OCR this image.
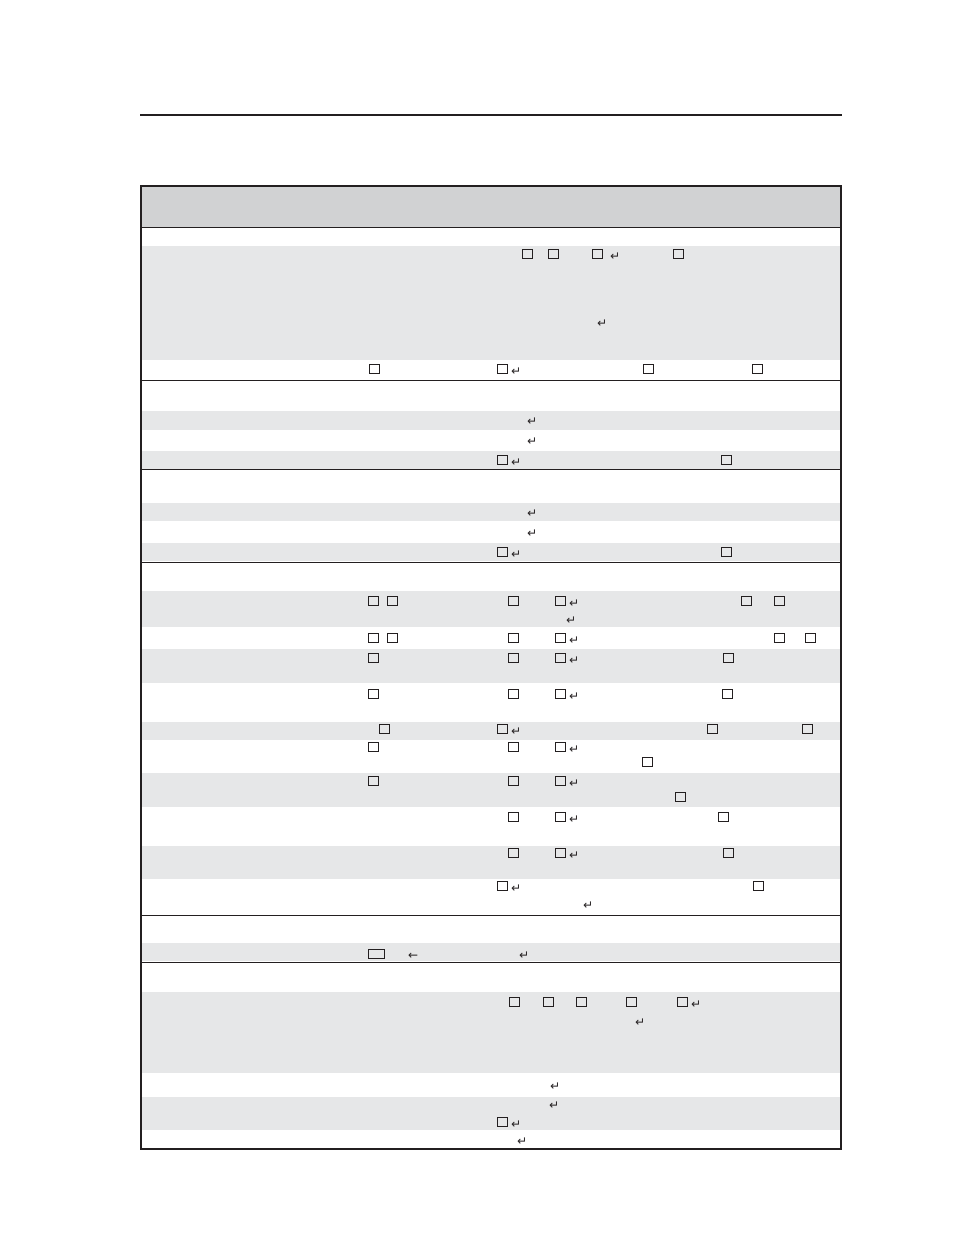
↵
↵
↵
↵
↵
↵
↵
↵
↵
↵
↵
↵
↵
↵
↵
↵
↵
↵
↵
↵
↵
←	↵
↵
↵
↵
↵
↵
↵
